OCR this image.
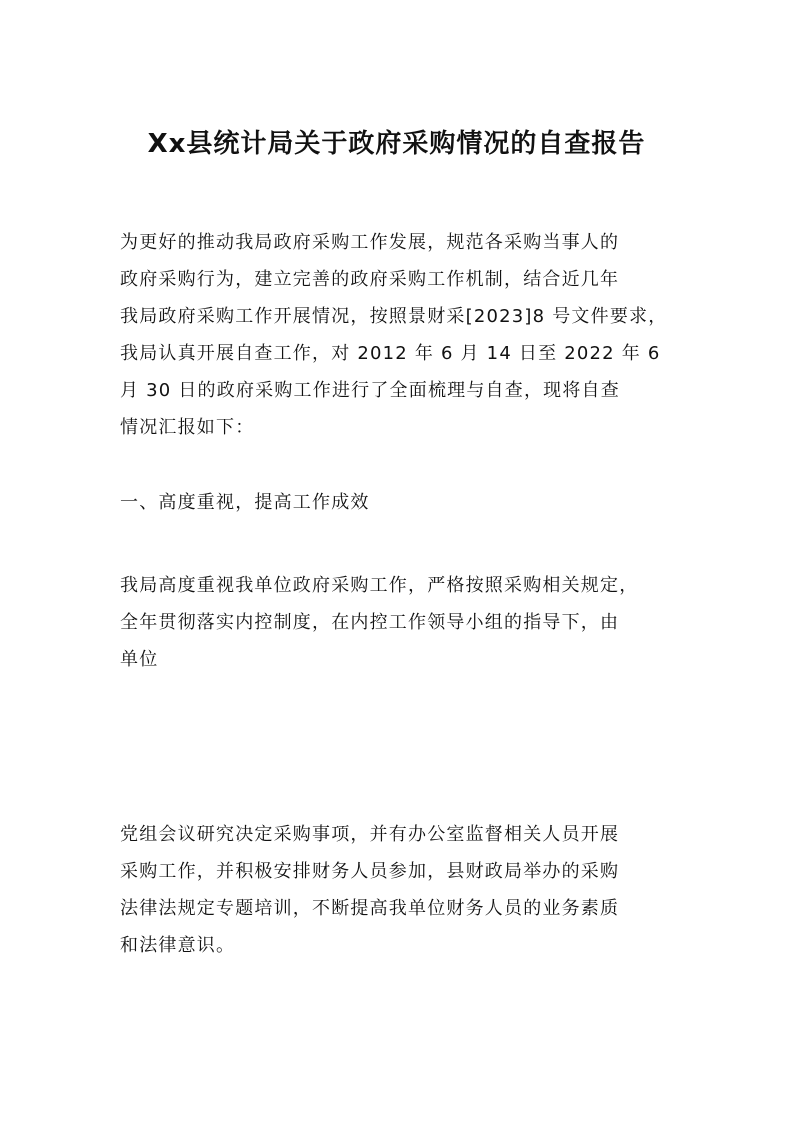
Xx县统计局关于政府采购情况的自查报告
为更好的推动我局政府采购工作发展，规范各采购当事人的
政府采购行为，建立完善的政府采购工作机制，结合近几年
我局政府采购工作开展情况，按照景财采[2023]8 号文件要求，
我局认真开展自查工作，对 2012 年 6 月 14 日至 2022 年 6
月 30 日的政府采购工作进行了全面梳理与自查，现将自查
情况汇报如下：
一、高度重视，提高工作成效
我局高度重视我单位政府采购工作，严格按照采购相关规定，
全年贯彻落实内控制度，在内控工作领导小组的指导下，由
单位
党组会议研究决定采购事项，并有办公室监督相关人员开展
采购工作，并积极安排财务人员参加，县财政局举办的采购
法律法规定专题培训，不断提高我单位财务人员的业务素质
和法律意识。
